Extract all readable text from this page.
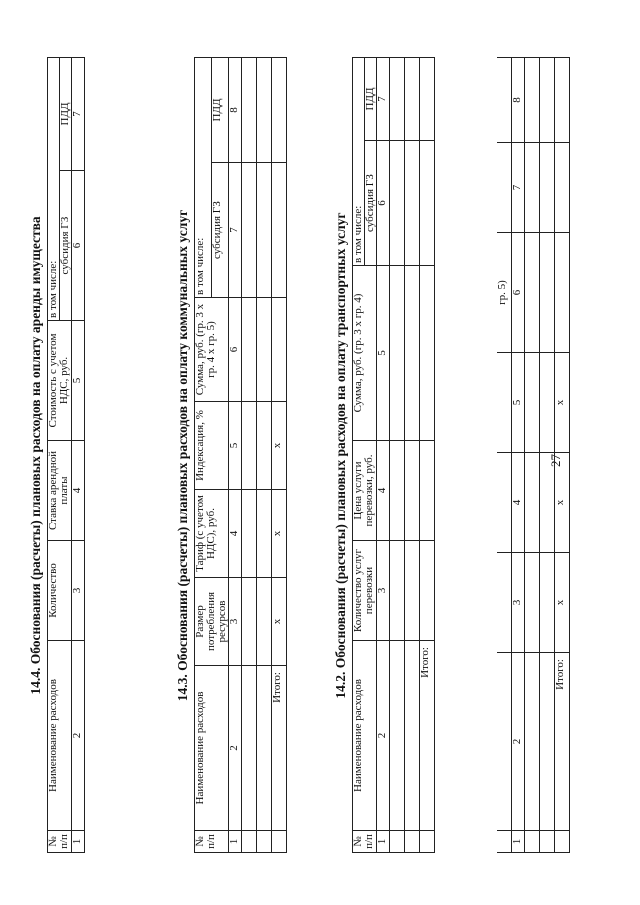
27
					гр. 5)		
1	2	3	4	5	6	7	8

	Итого:	x	x	x			
14.2. Обоснования (расчеты) плановых расходов на оплату транспортных услуг
№ п/п	Наименование расходов	Количество услуг перевозки	Цена услуги перевозки, руб.	Сумма, руб. (гр. 3 x гр. 4)	в том числе:	
					субсидия ГЗ	ПДД
1	2	3	4	5	6	7

	Итого:					
14.3. Обоснования (расчеты) плановых расходов на оплату коммунальных услуг
№ п/п	Наименование расходов	Размер потребления ресурсов	Тариф (с учетом НДС), руб.	Индексация, %	Сумма, руб. (гр. 3 x гр. 4 x гр. 5)	в том числе:	
						субсидия ГЗ	ПДД
1	2	3	4	5	6	7	8

	Итого:	x	x	x			
14.4. Обоснования (расчеты) плановых расходов на оплату аренды имущества
№ п/п	Наименование расходов	Количество	Ставка арендной платы	Стоимость с учетом НДС, руб.	в том числе:	
					субсидия ГЗ	ПДД
1	2	3	4	5	6	7
